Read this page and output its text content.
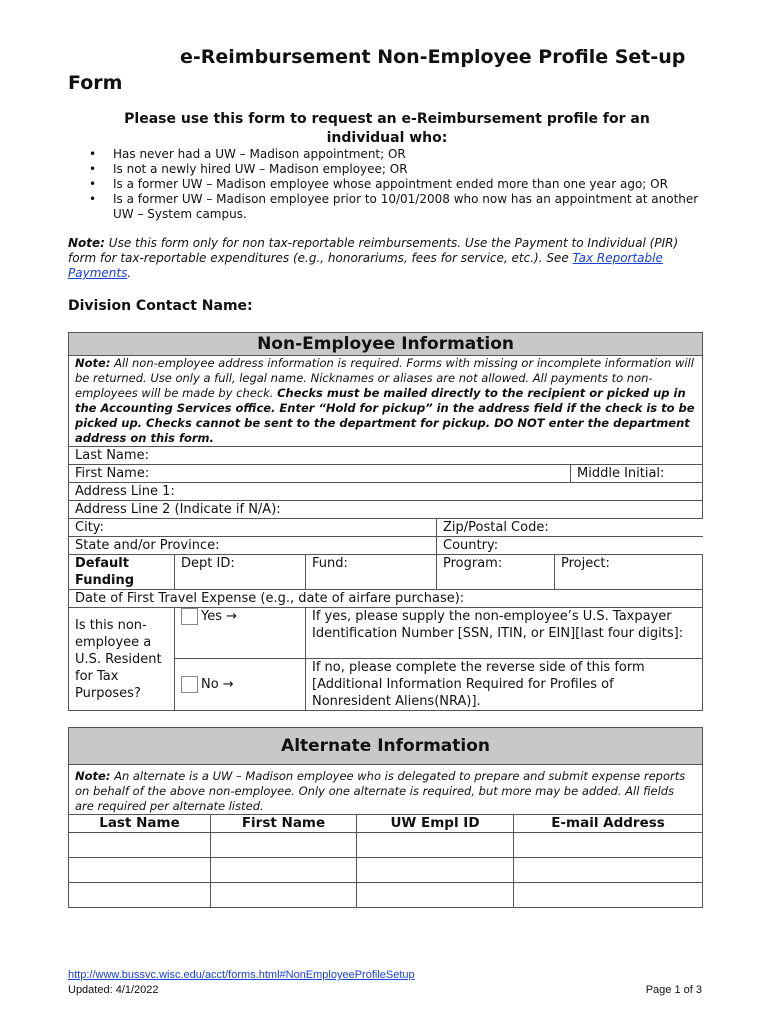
e-Reimbursement Non-Employee Profile Set-up Form
Please use this form to request an e-Reimbursement profile for an individual who:
• Has never had a UW – Madison appointment; OR
• Is not a newly hired UW – Madison employee; OR
• Is a former UW – Madison employee whose appointment ended more than one year ago; OR
• Is a former UW – Madison employee prior to 10/01/2008 who now has an appointment at another UW – System campus.
Note: Use this form only for non tax-reportable reimbursements. Use the Payment to Individual (PIR) form for tax-reportable expenditures (e.g., honorariums, fees for service, etc.). See Tax Reportable Payments.
Division Contact Name:
Non-Employee Information					
Note: All non-employee address information is required. Forms with missing or incomplete information will be returned. Use only a full, legal name. Nicknames or aliases are not allowed. All payments to non-employees will be made by check. Checks must be mailed directly to the recipient or picked up in the Accounting Services office. Enter “Hold for pickup” in the address field if the check is to be picked up. Checks cannot be sent to the department for pickup. DO NOT enter the department address on this form.					
Last Name:					
First Name:					Middle Initial:
Address Line 1:					
Address Line 2 (Indicate if N/A):					
City:			Zip/Postal Code:		
State and/or Province:			Country:		
Default Funding	Dept ID:	Fund:	Program:	Project:	
Date of First Travel Expense (e.g., date of airfare purchase):					
Is this non-employee a U.S. Resident for Tax Purposes?	Yes →	If yes, please supply the non-employee’s U.S. Taxpayer Identification Number [SSN, ITIN, or EIN][last four digits]:			
	No →	If no, please complete the reverse side of this form [Additional Information Required for Profiles of Nonresident Aliens(NRA)].			
Alternate Information			
Note: An alternate is a UW – Madison employee who is delegated to prepare and submit expense reports on behalf of the above non-employee. Only one alternate is required, but more may be added. All fields are required per alternate listed.			
Last Name	First Name	UW Empl ID	E-mail Address

http://www.bussvc.wisc.edu/acct/forms.html#NonEmployeeProfileSetup
Updated: 4/1/2022	Page 1 of 3
